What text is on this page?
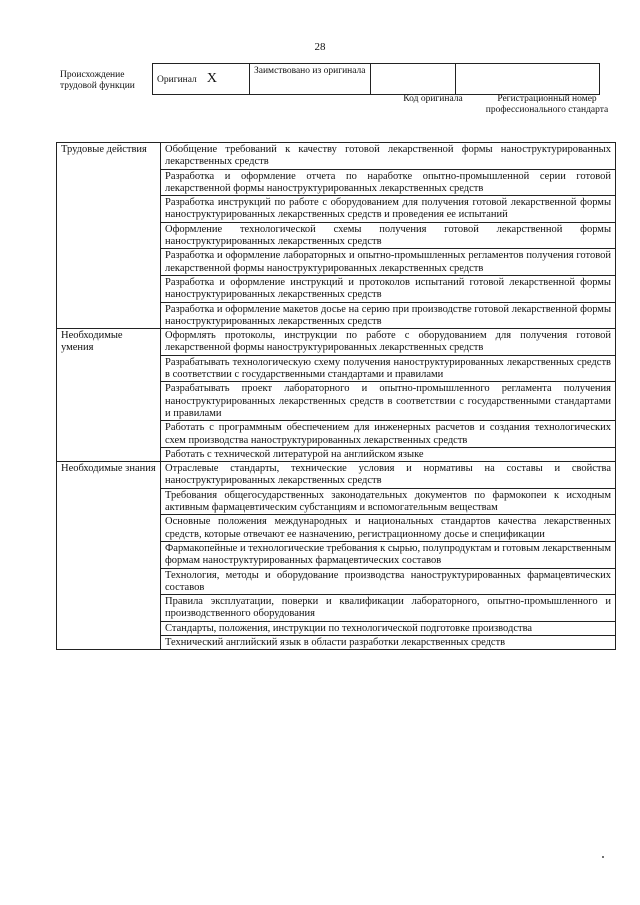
28
Происхождение трудовой функции
Оригинал X	Заимствовано из оригинала		
Код оригинала	Регистрационный номер профессионального стандарта
Трудовые действия	Обобщение требований к качеству готовой лекарственной формы наноструктурированных лекарственных средств
	Разработка и оформление отчета по наработке опытно-промышленной серии готовой лекарственной формы наноструктурированных лекарственных средств
	Разработка инструкций по работе с оборудованием для получения готовой лекарственной формы наноструктурированных лекарственных средств и проведения ее испытаний
	Оформление технологической схемы получения готовой лекарственной формы наноструктурированных лекарственных средств
	Разработка и оформление лабораторных и опытно-промышленных регламентов получения готовой лекарственной формы наноструктурированных лекарственных средств
	Разработка и оформление инструкций и протоколов испытаний готовой лекарственной формы наноструктурированных лекарственных средств
	Разработка и оформление макетов досье на серию при производстве готовой лекарственной формы наноструктурированных лекарственных средств
Необходимые умения	Оформлять протоколы, инструкции по работе с оборудованием для получения готовой лекарственной формы наноструктурированных лекарственных средств
	Разрабатывать технологическую схему получения наноструктурированных лекарственных средств в соответствии с государственными стандартами и правилами
	Разрабатывать проект лабораторного и опытно-промышленного регламента получения наноструктурированных лекарственных средств в соответствии с государственными стандартами и правилами
	Работать с программным обеспечением для инженерных расчетов и создания технологических схем производства наноструктурированных лекарственных средств
	Работать с технической литературой на английском языке
Необходимые знания	Отраслевые стандарты, технические условия и нормативы на составы и свойства наноструктурированных лекарственных средств
	Требования общегосударственных законодательных документов по фармокопеи к исходным активным фармацевтическим субстанциям и вспомогательным веществам
	Основные положения международных и национальных стандартов качества лекарственных средств, которые отвечают ее назначению, регистрационному досье и спецификации
	Фармакопейные и технологические требования к сырью, полупродуктам и готовым лекарственным формам наноструктурированных фармацевтических составов
	Технология, методы и оборудование производства наноструктурированных фармацевтических составов
	Правила эксплуатации, поверки и квалификации лабораторного, опытно-промышленного и производственного оборудования
	Стандарты, положения, инструкции по технологической подготовке производства
	Технический английский язык в области разработки лекарственных средств
